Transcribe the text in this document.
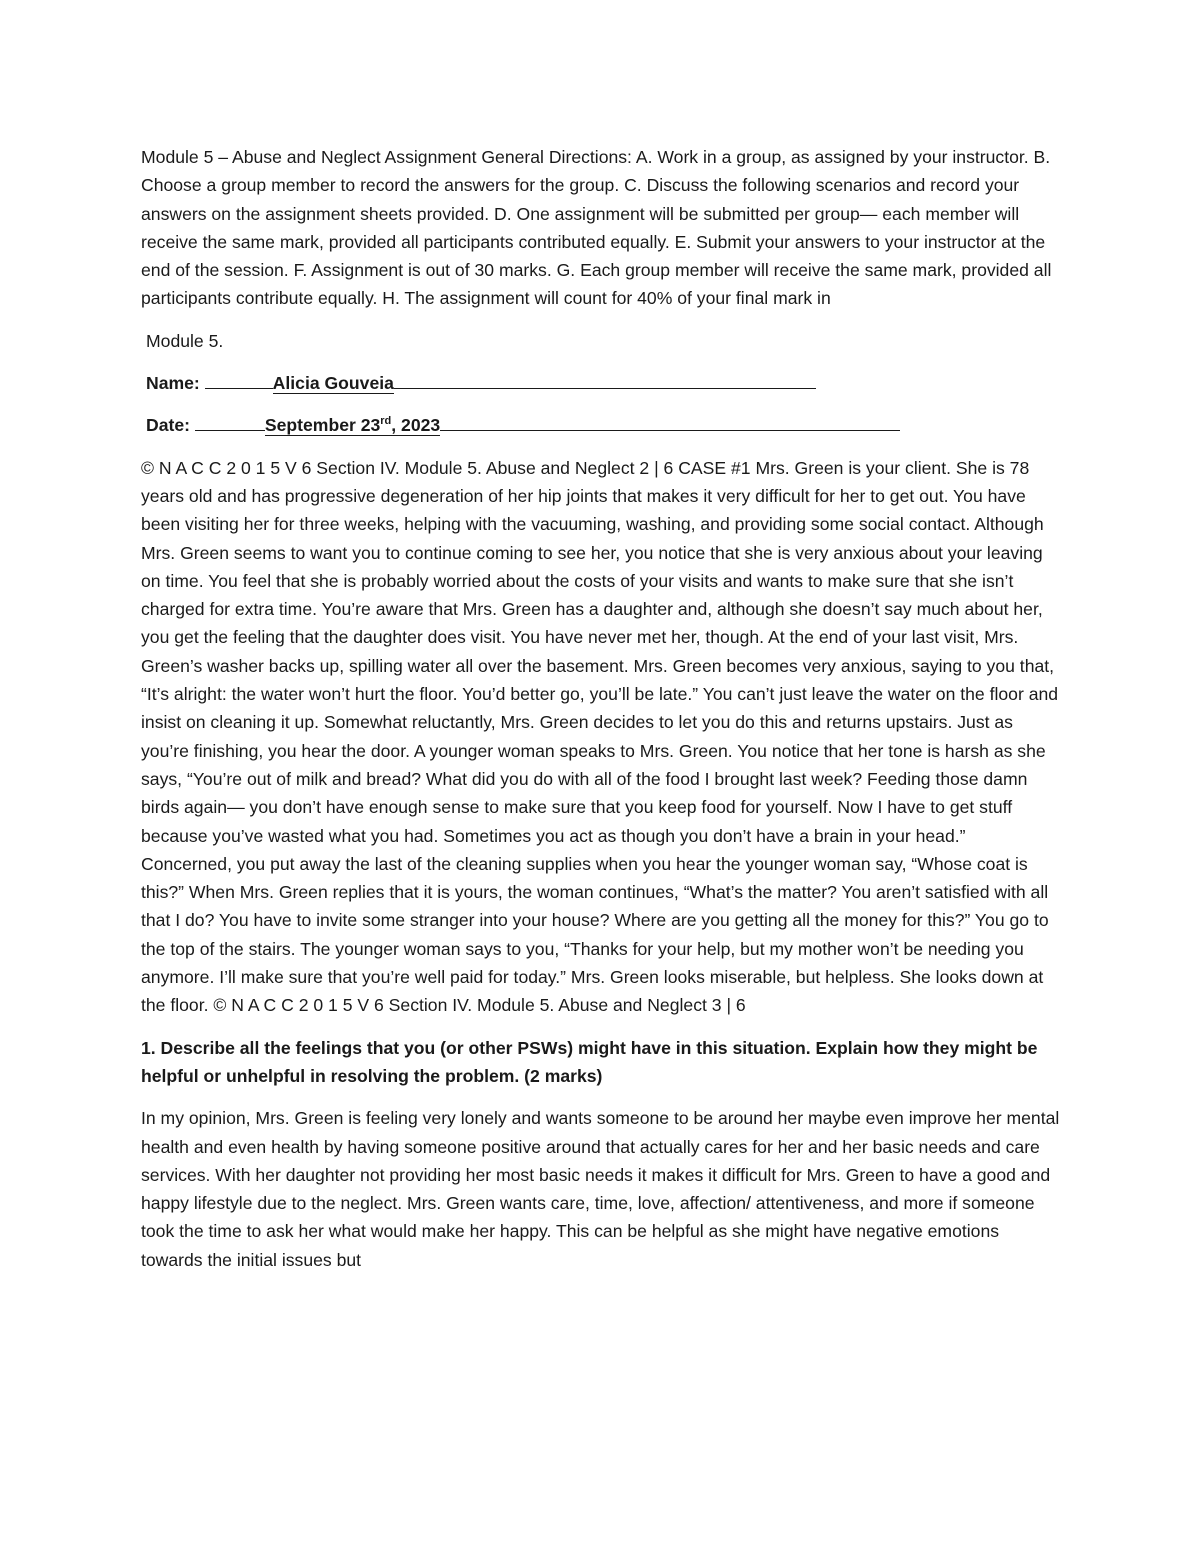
Module 5 – Abuse and Neglect Assignment General Directions: A. Work in a group, as assigned by your instructor. B. Choose a group member to record the answers for the group. C. Discuss the following scenarios and record your answers on the assignment sheets provided. D. One assignment will be submitted per group— each member will receive the same mark, provided all participants contributed equally. E. Submit your answers to your instructor at the end of the session. F. Assignment is out of 30 marks. G. Each group member will receive the same mark, provided all participants contribute equally. H. The assignment will count for 40% of your final mark in

Module 5.

Name:	Alicia Gouveia

Date:	September 23rd, 2023

© N A C C 2 0 1 5 V 6 Section IV. Module 5. Abuse and Neglect 2 | 6 CASE #1 Mrs. Green is your client. She is 78 years old and has progressive degeneration of her hip joints that makes it very difficult for her to get out. You have been visiting her for three weeks, helping with the vacuuming, washing, and providing some social contact. Although Mrs. Green seems to want you to continue coming to see her, you notice that she is very anxious about your leaving on time. You feel that she is probably worried about the costs of your visits and wants to make sure that she isn’t charged for extra time. You’re aware that Mrs. Green has a daughter and, although she doesn’t say much about her, you get the feeling that the daughter does visit. You have never met her, though. At the end of your last visit, Mrs. Green’s washer backs up, spilling water all over the basement. Mrs. Green becomes very anxious, saying to you that, “It’s alright: the water won’t hurt the floor. You’d better go, you’ll be late.” You can’t just leave the water on the floor and insist on cleaning it up. Somewhat reluctantly, Mrs. Green decides to let you do this and returns upstairs. Just as you’re finishing, you hear the door. A younger woman speaks to Mrs. Green. You notice that her tone is harsh as she says, “You’re out of milk and bread? What did you do with all of the food I brought last week? Feeding those damn birds again— you don’t have enough sense to make sure that you keep food for yourself. Now I have to get stuff because you’ve wasted what you had. Sometimes you act as though you don’t have a brain in your head.” Concerned, you put away the last of the cleaning supplies when you hear the younger woman say, “Whose coat is this?” When Mrs. Green replies that it is yours, the woman continues, “What’s the matter? You aren’t satisfied with all that I do? You have to invite some stranger into your house? Where are you getting all the money for this?” You go to the top of the stairs. The younger woman says to you, “Thanks for your help, but my mother won’t be needing you anymore. I’ll make sure that you’re well paid for today.” Mrs. Green looks miserable, but helpless. She looks down at the floor. © N A C C 2 0 1 5 V 6 Section IV. Module 5. Abuse and Neglect 3 | 6

1. Describe all the feelings that you (or other PSWs) might have in this situation. Explain how they might be helpful or unhelpful in resolving the problem. (2 marks)

In my opinion, Mrs. Green is feeling very lonely and wants someone to be around her maybe even improve her mental health and even health by having someone positive around that actually cares for her and her basic needs and care services. With her daughter not providing her most basic needs it makes it difficult for Mrs. Green to have a good and happy lifestyle due to the neglect. Mrs. Green wants care, time, love, affection/ attentiveness, and more if someone took the time to ask her what would make her happy. This can be helpful as she might have negative emotions towards the initial issues but
